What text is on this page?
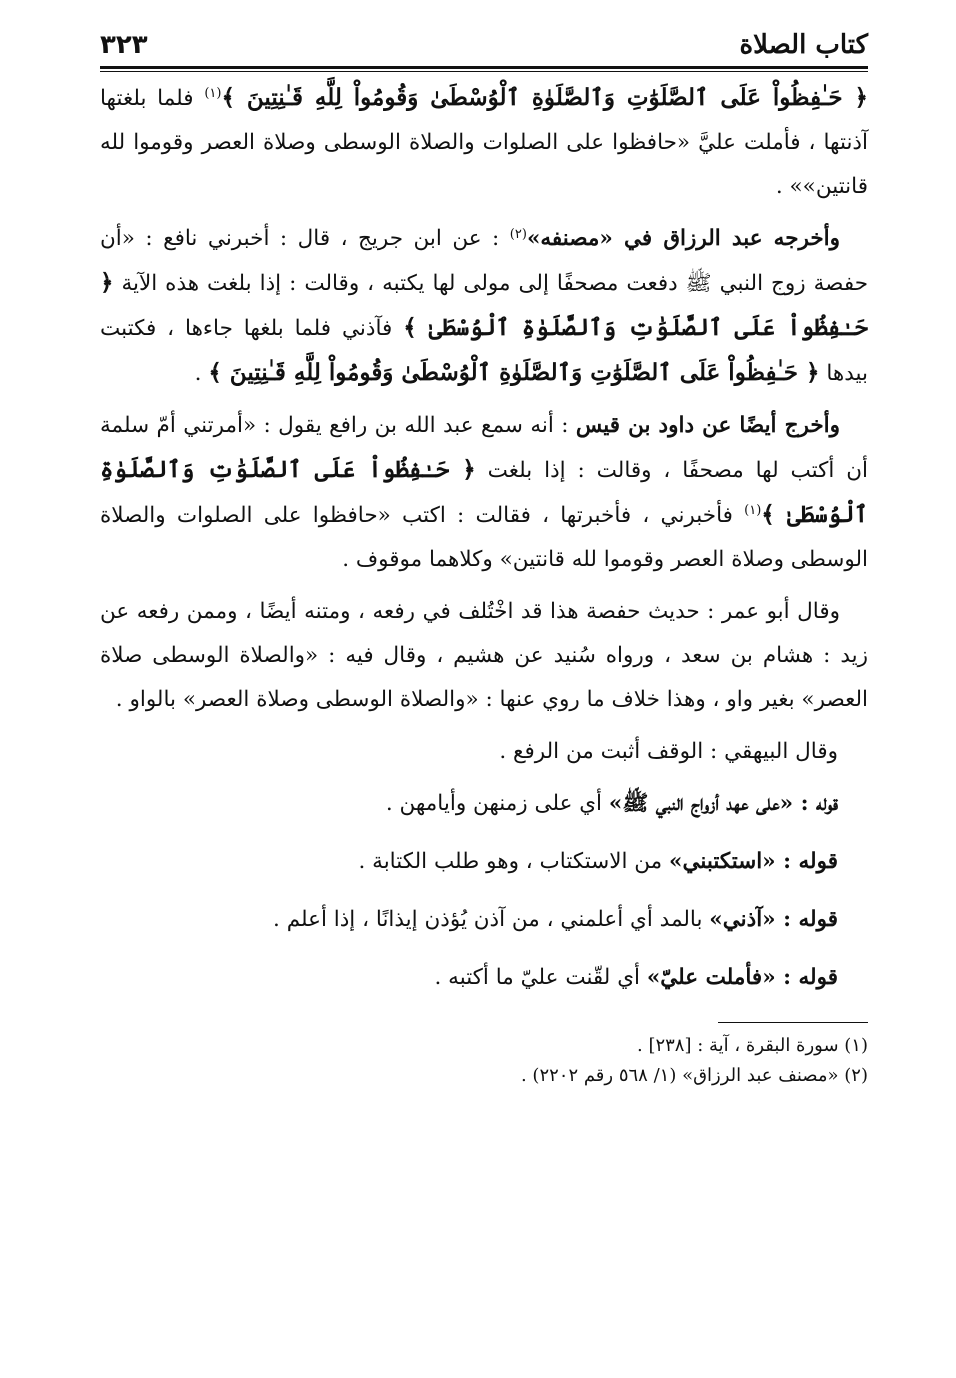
كتاب الصلاة
٣٢٣

﴿ حَـٰفِظُواْ عَلَى ٱلصَّلَوَٰتِ وَٱلصَّلَوٰةِ ٱلْوُسْطَىٰ وَقُومُواْ لِلَّهِ قَـٰنِتِينَ ﴾$^{(١)}$ فلما بلغتها آذنتها ، فأملت عليَّ «حافظوا على الصلوات والصلاة الوسطى وصلاة العصر وقوموا لله قانتين»» .

وأخرجه عبد الرزاق في «مصنفه»$^{(٢)}$ : عن ابن جريج ، قال : أخبرني نافع : «أن حفصة زوج النبي ﷺ دفعت مصحفًا إلى مولى لها يكتبه ، وقالت : إذا بلغت هذه الآية ﴿ حَـٰفِظُواْ عَلَى ٱلصَّلَوَٰتِ وَٱلصَّلَوٰةِ ٱلْوُسْطَىٰ ﴾ فآذني فلما بلغها جاءها ، فكتبت بيدها ﴿ حَـٰفِظُواْ عَلَى ٱلصَّلَوَٰتِ وَٱلصَّلَوٰةِ ٱلْوُسْطَىٰ وَقُومُواْ لِلَّهِ قَـٰنِتِينَ ﴾ .

وأخرج أيضًا عن داود بن قيس : أنه سمع عبد الله بن رافع يقول : «أمرتني أمّ سلمة أن أكتب لها مصحفًا ، وقالت : إذا بلغت ﴿ حَـٰفِظُواْ عَلَى ٱلصَّلَوَٰتِ وَٱلصَّلَوٰةِ ٱلْوُسْطَىٰ ﴾$^{(١)}$ فأخبرني ، فأخبرتها ، فقالت : اكتب «حافظوا على الصلوات والصلاة الوسطى وصلاة العصر وقوموا لله قانتين» وكلاهما موقوف .

وقال أبو عمر : حديث حفصة هذا قد اخْتُلف في رفعه ، ومتنه أيضًا ، وممن رفعه عن زيد : هشام بن سعد ، ورواه سُنيد عن هشيم ، وقال فيه : «والصلاة الوسطى صلاة العصر» بغير واو ، وهذا خلاف ما روي عنها : «والصلاة الوسطى وصلاة العصر» بالواو .

وقال البيهقي : الوقف أثبت من الرفع .

قوله : «على عهد أزواج النبي ﷺ» أي على زمنهن وأيامهن .

قوله : «استكتبني» من الاستكتاب ، وهو طلب الكتابة .

قوله : «آذني» بالمد أي أعلمني ، من آذن يُؤذن إيذانًا ، إذا أعلم .

قوله : «فأملت عليّ» أي لقّنت عليّ ما أكتبه .

(١) سورة البقرة ، آية : [٢٣٨] .
(٢) «مصنف عبد الرزاق» (١/ ٥٦٨ رقم ٢٢٠٢) .
